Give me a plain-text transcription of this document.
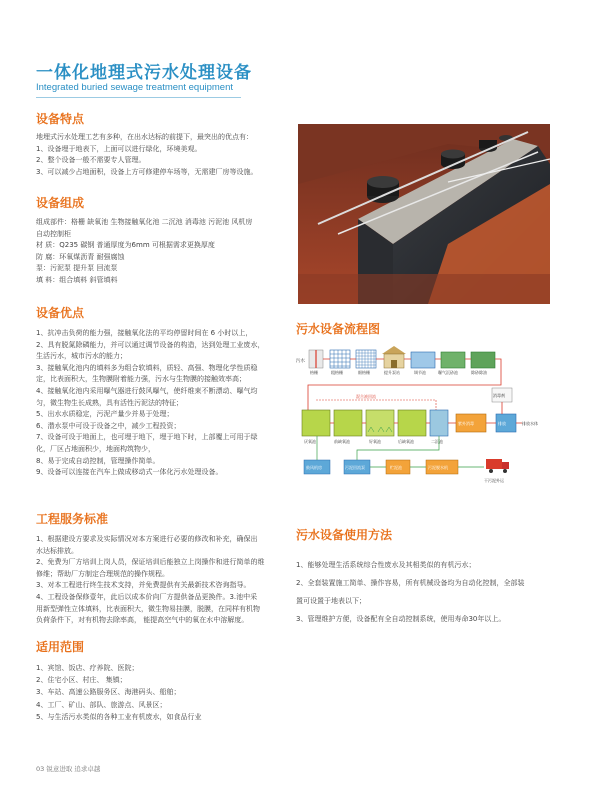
一体化地理式污水处理设备
Integrated buried sewage treatment equipment
设备特点

地埋式污水处理工艺有多种，在出水达标的前提下，最突出的优点有：

1、设备埋于地表下，上面可以进行绿化，环境美观。

2、整个设备一般不需要专人管理。

3、可以减少占地面积，设备上方可修建停车场等，无需建厂房等设施。

设备组成

组成部件：格栅 缺氧池 生物接触氧化池 二沉池 消毒池 污泥池 风机房

自动控制柜

材 质：Q235 碳钢 普通厚度为6mm 可根据需求更换厚度

防 腐：环氧煤沥青 耐强腐蚀

泵：污泥泵 提升泵 回流泵

填 料：组合填料 斜管填料

设备优点

1、抗冲击负荷的能力强，接触氧化法的平均停留时间在 6 小时以上，

2、具有脱氮除磷能力，并可以通过调节设备的构造，达到处理工业废水，

生活污水，城市污水的能力；

3、接触氧化池内的填料多为组合软填料，质轻、高强、物理化学性质稳

定，比表面积大，生物膜附着能力强，污水与生物膜的接触效率高；

4、接触氧化池内采用曝气器进行鼓风曝气，使纤维束不断漂动、曝气均

匀，微生物生长成熟，具有活性污泥法的特征；

5、出水水质稳定，污泥产量少并易于处理；

6、潜水泵中可设于设备之中，减少工程投资；

7、设备可设于地面上，也可埋于地下，埋于地下时，上部覆上可用于绿

化，厂区占地面积少，地面构筑物少，

8、易于完成自动控制，管理操作简单。

9、设备可以连接在汽车上做成移动式一体化污水处理设备。

工程服务标准

1、根据建设方要求及实际情况对本方案进行必要的修改和补充，确保出

水达标排放。

2、免费为厂方培训上岗人员，保证培训后能独立上岗操作和进行简单的维

修维；帮助厂方制定合理规范的操作规程。

3、对本工程进行终生技术支持，并免费提供有关最新技术咨询指导。

4、工程设备保修壹年，此后以成本价向厂方提供备品更换件。3.池中采

用新型弹性立体填料，比表面积大，微生物易挂膜，脱膜，在同样有机物

负荷条件下，对有机物去除率高， 能提高空气中的氧在水中溶解度。

适用范围

1、宾馆、饭店、疗养院、医院；

2、住宅小区、村庄、 集镇；

3、车站、高速公路服务区、海港码头、船舶；

4、工厂、矿山、部队、旅游点、风景区；

5、与生活污水类似的各种工业有机废水，如食品行业

污水设备流程图
污水
格栅	粗格栅	细格栅	提升泵站	调节池	曝气沉砂池	除砂除油
厌氧池	前缺氧池	好氧池	后缺氧池	二沉池
混合液回流
紫外消毒
消毒剂
排放	排放水体
鼓风机房	污泥回流泵	贮泥池	污泥脱水机
干污泥外运
污水设备使用方法

1、能够处理生活系统综合性废水及其相类似的有机污水；

2、全套装置施工简单、操作容易，所有机械设备均为自动化控制，全部装

置可设置于地表以下；

3、管理维护方便，设备配有全自动控制系统，使用寿命30年以上。

03 锐意进取 追求卓越
